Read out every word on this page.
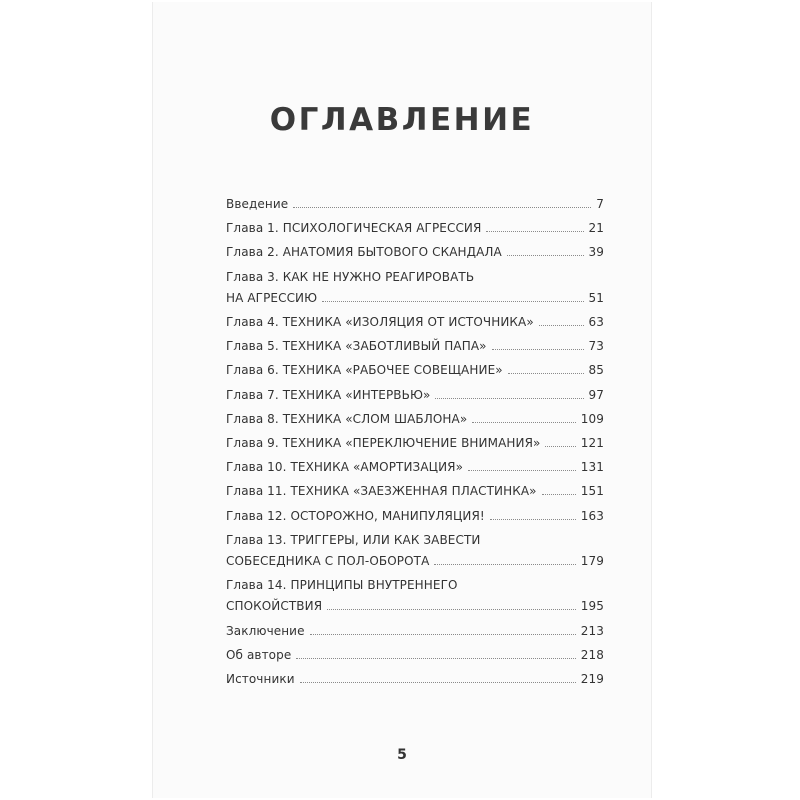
ОГЛАВЛЕНИЕ
Введение	7
Глава 1. ПСИХОЛОГИЧЕСКАЯ АГРЕССИЯ	21
Глава 2. АНАТОМИЯ БЫТОВОГО СКАНДАЛА	39
Глава 3. КАК НЕ НУЖНО РЕАГИРОВАТЬ
НА АГРЕССИЮ	51
Глава 4. ТЕХНИКА «ИЗОЛЯЦИЯ ОТ ИСТОЧНИКА»	63
Глава 5. ТЕХНИКА «ЗАБОТЛИВЫЙ ПАПА»	73
Глава 6. ТЕХНИКА «РАБОЧЕЕ СОВЕЩАНИЕ»	85
Глава 7. ТЕХНИКА «ИНТЕРВЬЮ»	97
Глава 8. ТЕХНИКА «СЛОМ ШАБЛОНА»	109
Глава 9. ТЕХНИКА «ПЕРЕКЛЮЧЕНИЕ ВНИМАНИЯ»	121
Глава 10. ТЕХНИКА «АМОРТИЗАЦИЯ»	131
Глава 11. ТЕХНИКА «ЗАЕЗЖЕННАЯ ПЛАСТИНКА»	151
Глава 12. ОСТОРОЖНО, МАНИПУЛЯЦИЯ!	163
Глава 13. ТРИГГЕРЫ, ИЛИ КАК ЗАВЕСТИ
СОБЕСЕДНИКА С ПОЛ-ОБОРОТА	179
Глава 14. ПРИНЦИПЫ ВНУТРЕННЕГО
СПОКОЙСТВИЯ	195
Заключение	213
Об авторе	218
Источники	219
5
